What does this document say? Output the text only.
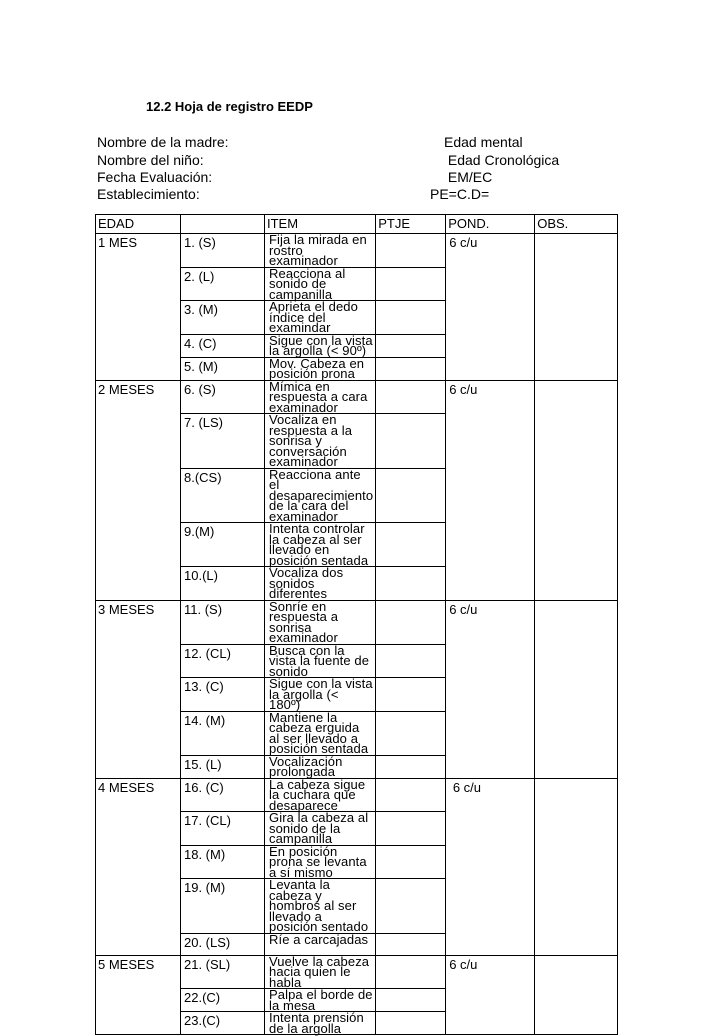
12.2 Hoja de registro EEDP
Nombre de la madre:
Nombre del niño:
Fecha Evaluación:
Establecimiento:
Edad mental
Edad Cronológica
EM/EC
PE=C.D=
EDAD		ITEM	PTJE	POND.	OBS.
1 MES	1. (S)	Fija la mirada en rostro examinador		6 c/u	
	2. (L)	Reacciona al sonido de campanilla			
	3. (M)	Aprieta el dedo índice del examindar			
	4. (C)	Sigue con la vista la argolla (< 90º)			
	5. (M)	Mov. Cabeza en posición prona			
2 MESES	6. (S)	Mímica en respuesta a cara examinador		6 c/u	
	7. (LS)	Vocaliza en respuesta a la sonrisa y conversación examinador			
	8.(CS)	Reacciona ante el desaparecimiento de la cara del examinador			
	9.(M)	Intenta controlar la cabeza al ser llevado en posición sentada			
	10.(L)	Vocaliza dos sonidos diferentes			
3 MESES	11. (S)	Sonríe en respuesta a sonrisa examinador		6 c/u	
	12. (CL)	Busca con la vista la fuente de sonido			
	13. (C)	Sigue con la vista la argolla (< 180º)			
	14. (M)	Mantiene la cabeza erguida al ser llevado a posición sentada			
	15. (L)	Vocalización prolongada			
4 MESES	16. (C)	La cabeza sigue la cuchara que desaparece		6 c/u	
	17. (CL)	Gira la cabeza al sonido de la campanilla			
	18. (M)	En posición prona se levanta a sí mismo			
	19. (M)	Levanta la cabeza y hombros al ser llevado a posición sentado			
	20. (LS)	Ríe a carcajadas			
5 MESES	21. (SL)	Vuelve la cabeza hacia quien le habla		6 c/u	
	22.(C)	Palpa el borde de la mesa			
	23.(C)	Intenta prensión de la argolla			
